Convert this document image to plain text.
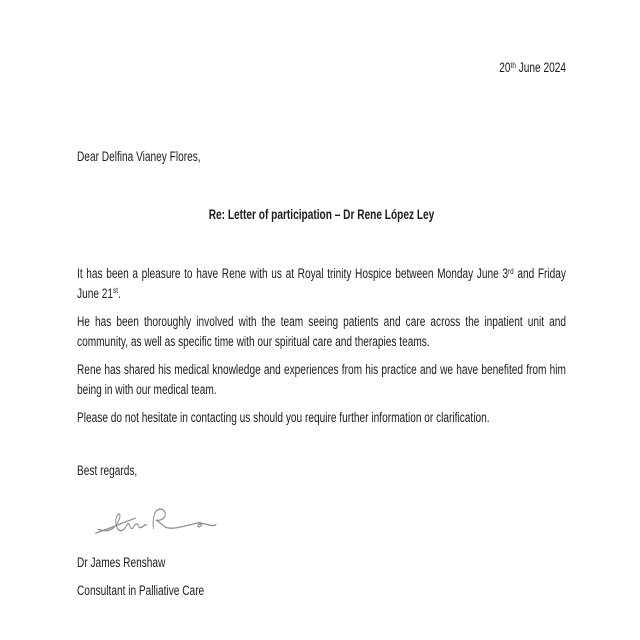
20th June 2024
Dear Delfina Vianey Flores,
Re: Letter of participation – Dr Rene López Ley

It has been a pleasure to have Rene with us at Royal trinity Hospice between Monday June 3rd and Friday June 21st.

He has been thoroughly involved with the team seeing patients and care across the inpatient unit and community, as well as specific time with our spiritual care and therapies teams.

Rene has shared his medical knowledge and experiences from his practice and we have benefited from him being in with our medical team.

Please do not hesitate in contacting us should you require further information or clarification.

Best regards,
Dr James Renshaw
Consultant in Palliative Care
